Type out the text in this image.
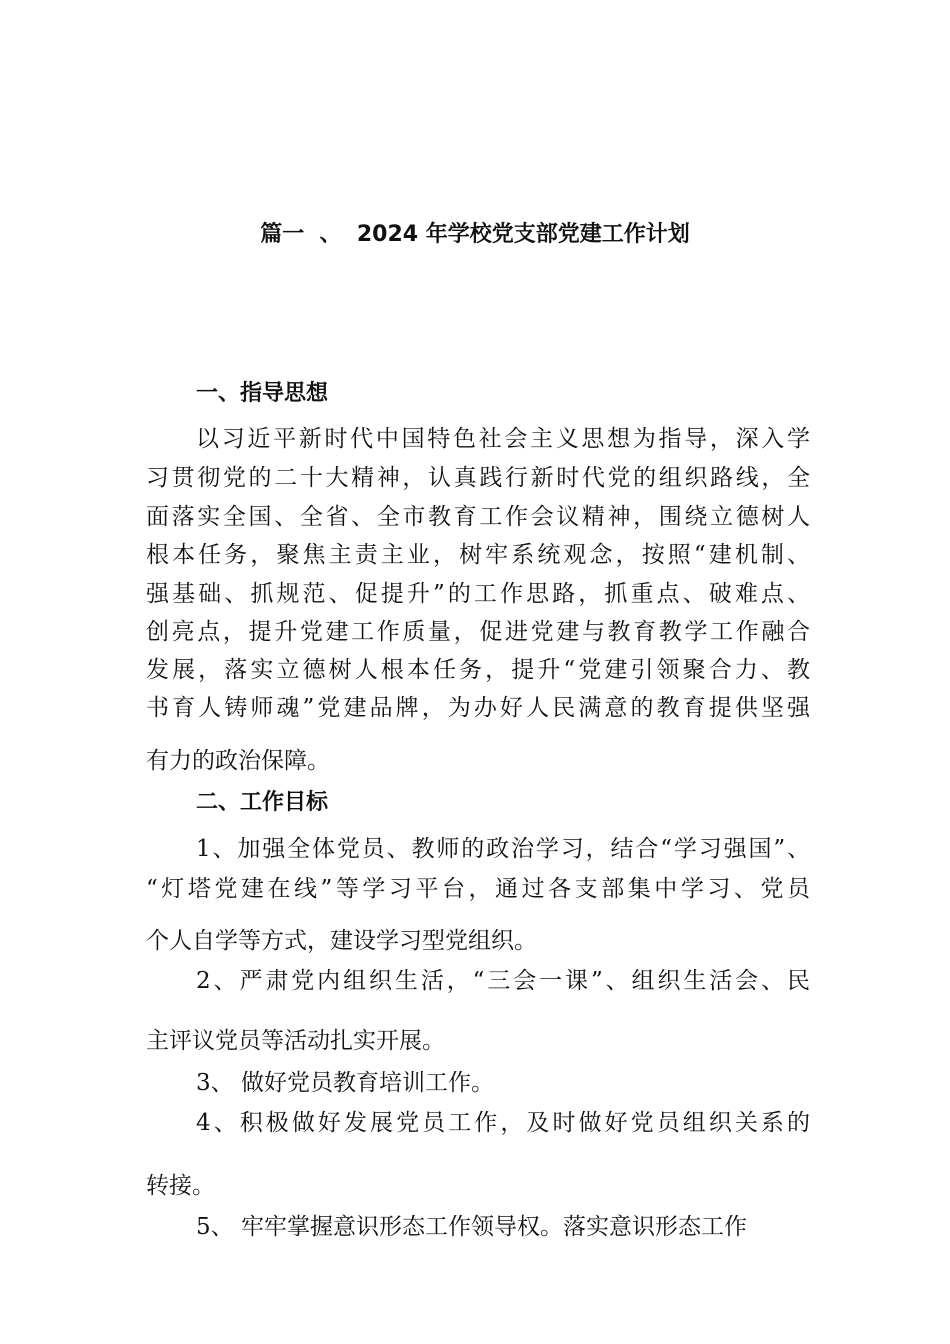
篇一  、  2024 年学校党支部党建工作计划
一、指导思想

以习近平新时代中国特色社会主义思想为指导，深入学

习贯彻党的二十大精神，认真践行新时代党的组织路线，全

面落实全国、全省、全市教育工作会议精神，围绕立德树人

根本任务，聚焦主责主业，树牢系统观念，按照“建机制、

强基础、抓规范、促提升”的工作思路，抓重点、破难点、

创亮点，提升党建工作质量，促进党建与教育教学工作融合

发展，落实立德树人根本任务，提升“党建引领聚合力、教

书育人铸师魂”党建品牌，为办好人民满意的教育提供坚强

有力的政治保障。

二、工作目标

1、加强全体党员、教师的政治学习，结合“学习强国”、

“灯塔党建在线”等学习平台，通过各支部集中学习、党员

个人自学等方式，建设学习型党组织。

2、严肃党内组织生活，“三会一课”、组织生活会、民

主评议党员等活动扎实开展。

3、 做好党员教育培训工作。

4、积极做好发展党员工作，及时做好党员组织关系的

转接。

5、 牢牢掌握意识形态工作领导权。落实意识形态工作
